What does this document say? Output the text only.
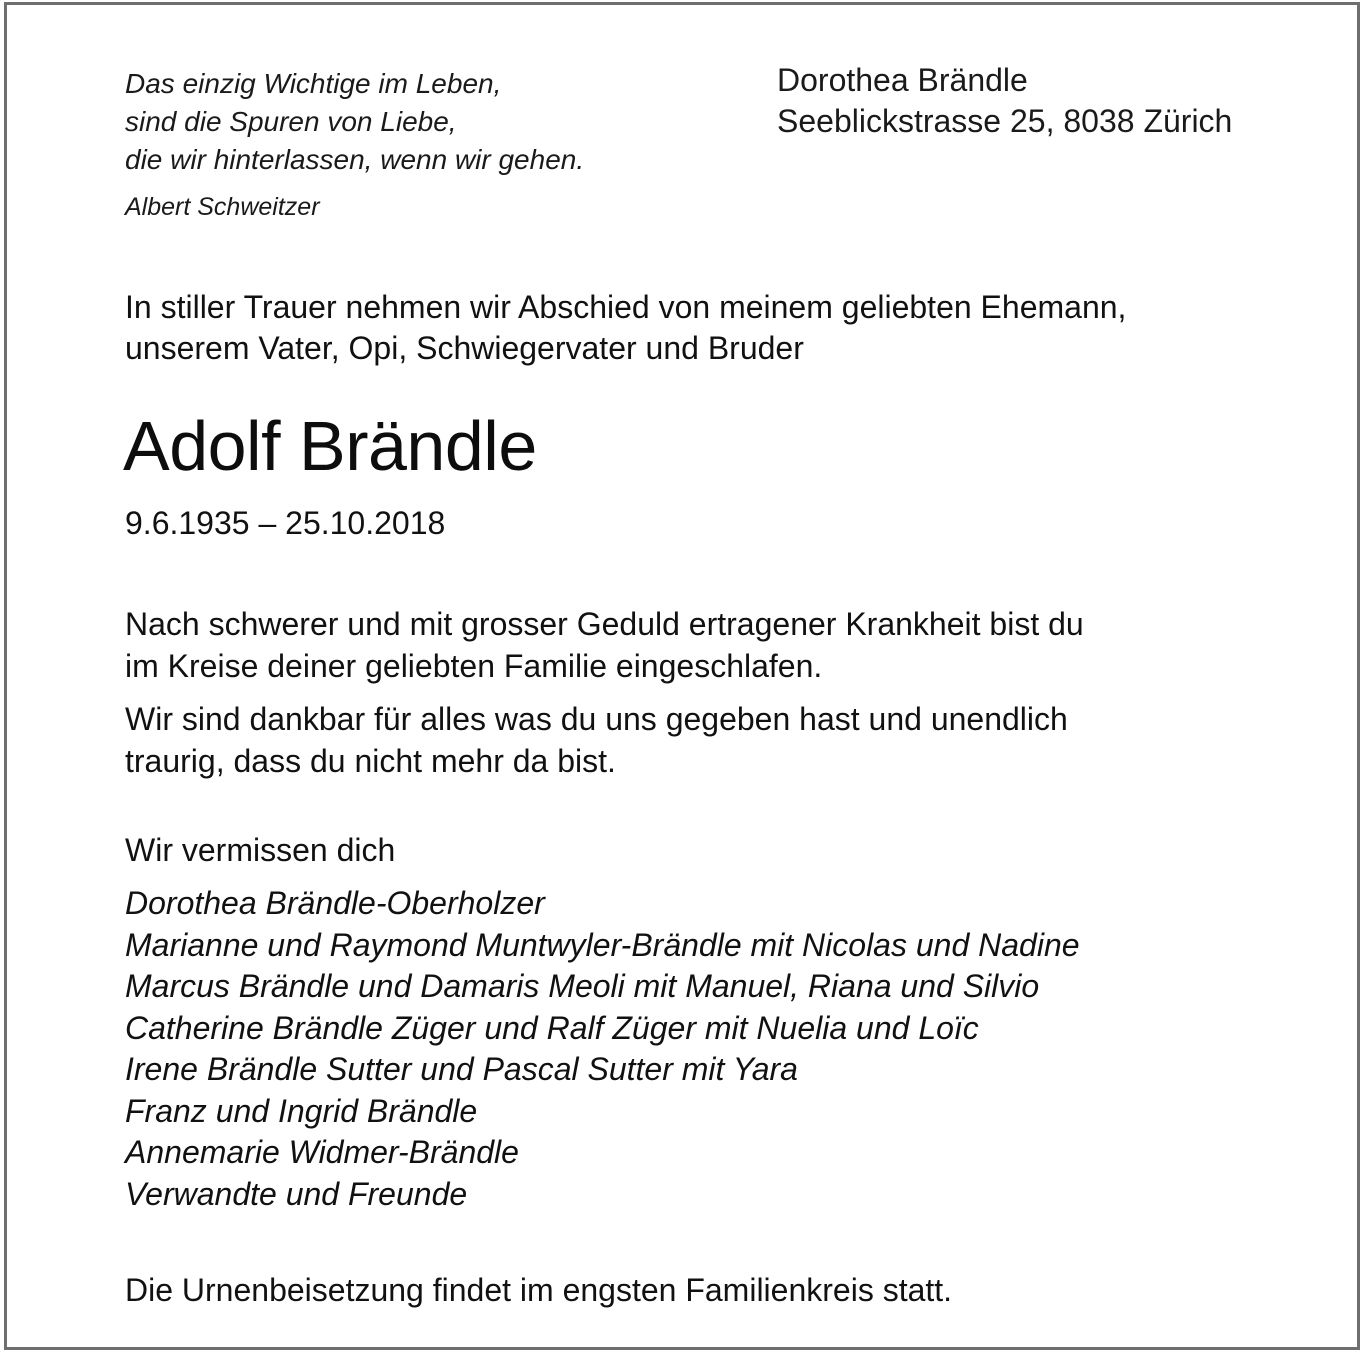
Das einzig Wichtige im Leben,
sind die Spuren von Liebe,
die wir hinterlassen, wenn wir gehen.
Albert Schweitzer
Dorothea Brändle
Seeblickstrasse 25, 8038 Zürich
In stiller Trauer nehmen wir Abschied von meinem geliebten Ehemann,
unserem Vater, Opi, Schwiegervater und Bruder
Adolf Brändle
9.6.1935 – 25.10.2018
Nach schwerer und mit grosser Geduld ertragener Krankheit bist du
im Kreise deiner geliebten Familie eingeschlafen.
Wir sind dankbar für alles was du uns gegeben hast und unendlich
traurig, dass du nicht mehr da bist.
Wir vermissen dich
Dorothea Brändle-Oberholzer
Marianne und Raymond Muntwyler-Brändle mit Nicolas und Nadine
Marcus Brändle und Damaris Meoli mit Manuel, Riana und Silvio
Catherine Brändle Züger und Ralf Züger mit Nuelia und Loïc
Irene Brändle Sutter und Pascal Sutter mit Yara
Franz und Ingrid Brändle
Annemarie Widmer-Brändle
Verwandte und Freunde
Die Urnenbeisetzung findet im engsten Familienkreis statt.
